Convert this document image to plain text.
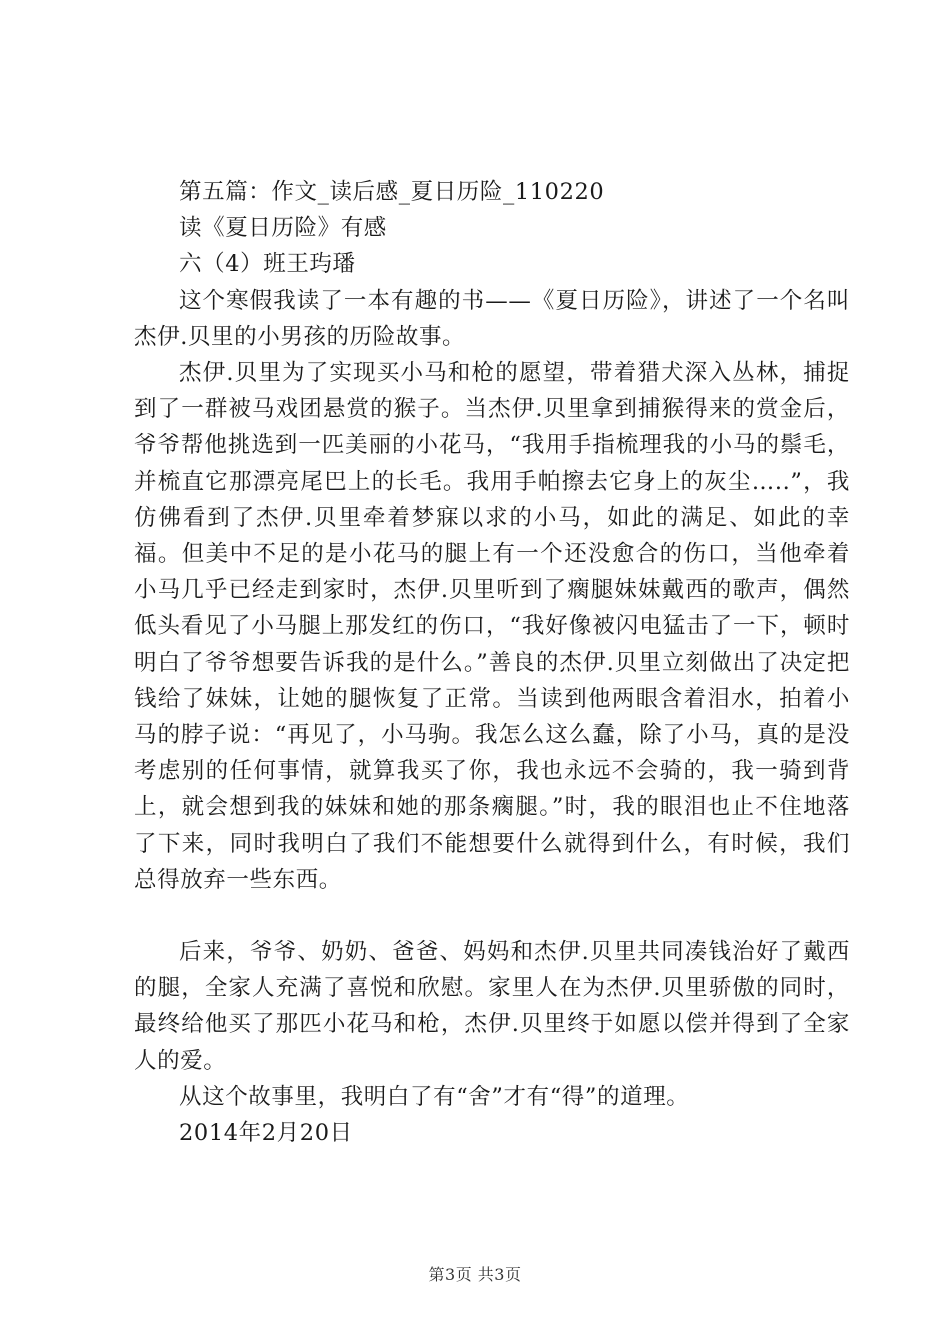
第五篇：作文_读后感_夏日历险_110220

读《夏日历险》有感

六（4）班王玙璠

这个寒假我读了一本有趣的书——《夏日历险》，讲述了一个名叫杰伊.贝里的小男孩的历险故事。

杰伊.贝里为了实现买小马和枪的愿望，带着猎犬深入丛林，捕捉到了一群被马戏团悬赏的猴子。当杰伊.贝里拿到捕猴得来的赏金后，爷爷帮他挑选到一匹美丽的小花马，“我用手指梳理我的小马的鬃毛，并梳直它那漂亮尾巴上的长毛。我用手帕擦去它身上的灰尘…..”，我仿佛看到了杰伊.贝里牵着梦寐以求的小马，如此的满足、如此的幸福。但美中不足的是小花马的腿上有一个还没愈合的伤口，当他牵着小马几乎已经走到家时，杰伊.贝里听到了瘸腿妹妹戴西的歌声，偶然低头看见了小马腿上那发红的伤口，“我好像被闪电猛击了一下，顿时明白了爷爷想要告诉我的是什么。”善良的杰伊.贝里立刻做出了决定把钱给了妹妹，让她的腿恢复了正常。当读到他两眼含着泪水，拍着小马的脖子说：“再见了，小马驹。我怎么这么蠢，除了小马，真的是没考虑别的任何事情，就算我买了你，我也永远不会骑的，我一骑到背上，就会想到我的妹妹和她的那条瘸腿。”时，我的眼泪也止不住地落了下来，同时我明白了我们不能想要什么就得到什么，有时候，我们总得放弃一些东西。

后来，爷爷、奶奶、爸爸、妈妈和杰伊.贝里共同凑钱治好了戴西的腿，全家人充满了喜悦和欣慰。家里人在为杰伊.贝里骄傲的同时，最终给他买了那匹小花马和枪，杰伊.贝里终于如愿以偿并得到了全家人的爱。

从这个故事里，我明白了有“舍”才有“得”的道理。

2014年2月20日

第3页 共3页
